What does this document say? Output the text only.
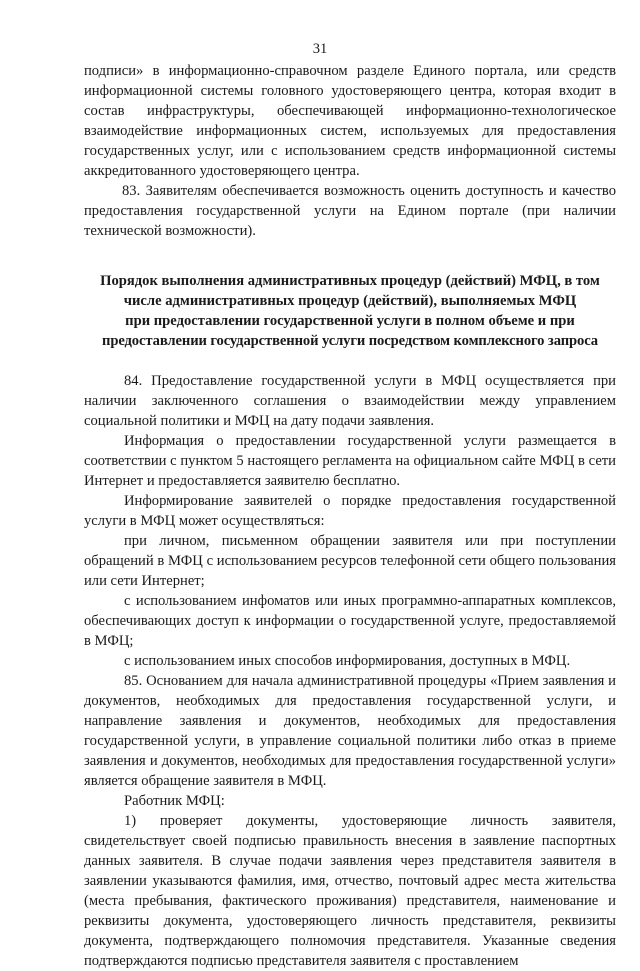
31

подписи» в информационно-справочном разделе Единого портала, или средств информационной системы головного удостоверяющего центра, которая входит в состав инфраструктуры, обеспечивающей информационно-технологическое взаимодействие информационных систем, используемых для предоставления государственных услуг, или с использованием средств информационной системы аккредитованного удостоверяющего центра.

83. Заявителям обеспечивается возможность оценить доступность и качество предоставления государственной услуги на Едином портале (при наличии технической возможности).

Порядок выполнения административных процедур (действий) МФЦ, в том
числе административных процедур (действий), выполняемых МФЦ
при предоставлении государственной услуги в полном объеме и при
предоставлении государственной услуги посредством комплексного запроса

84. Предоставление государственной услуги в МФЦ осуществляется при наличии заключенного соглашения о взаимодействии между управлением социальной политики и МФЦ на дату подачи заявления.

Информация о предоставлении государственной услуги размещается в соответствии с пунктом 5 настоящего регламента на официальном сайте МФЦ в сети Интернет и предоставляется заявителю бесплатно.

Информирование заявителей о порядке предоставления государственной услуги в МФЦ может осуществляться:

при личном, письменном обращении заявителя или при поступлении обращений в МФЦ с использованием ресурсов телефонной сети общего пользования или сети Интернет;

с использованием инфоматов или иных программно-аппаратных комплексов, обеспечивающих доступ к информации о государственной услуге, предоставляемой в МФЦ;

с использованием иных способов информирования, доступных в МФЦ.

85. Основанием для начала административной процедуры «Прием заявления и документов, необходимых для предоставления государственной услуги, и направление заявления и документов, необходимых для предоставления государственной услуги, в управление социальной политики либо отказ в приеме заявления и документов, необходимых для предоставления государственной услуги» является обращение заявителя в МФЦ.

Работник МФЦ:

1) проверяет документы, удостоверяющие личность заявителя, свидетельствует своей подписью правильность внесения в заявление паспортных данных заявителя. В случае подачи заявления через представителя заявителя в заявлении указываются фамилия, имя, отчество, почтовый адрес места жительства (места пребывания, фактического проживания) представителя, наименование и реквизиты документа, удостоверяющего личность представителя, реквизиты документа, подтверждающего полномочия представителя. Указанные сведения подтверждаются подписью представителя заявителя с проставлением
